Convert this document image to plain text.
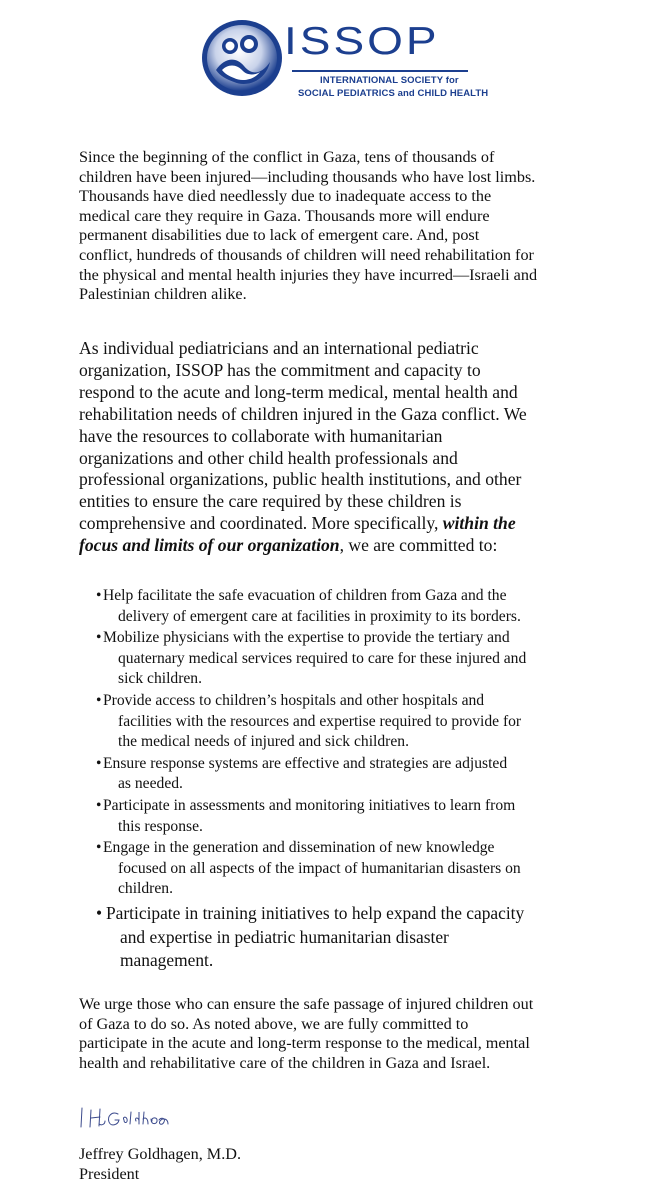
ISSOP
INTERNATIONAL SOCIETY for
SOCIAL PEDIATRICS and CHILD HEALTH

Since the beginning of the conflict in Gaza, tens of thousands of
children have been injured—including thousands who have lost limbs.
Thousands have died needlessly due to inadequate access to the
medical care they require in Gaza. Thousands more will endure
permanent disabilities due to lack of emergent care. And, post
conflict, hundreds of thousands of children will need rehabilitation for
the physical and mental health injuries they have incurred—Israeli and
Palestinian children alike.

As individual pediatricians and an international pediatric
organization, ISSOP has the commitment and capacity to
respond to the acute and long-term medical, mental health and
rehabilitation needs of children injured in the Gaza conflict. We
have the resources to collaborate with humanitarian
organizations and other child health professionals and
professional organizations, public health institutions, and other
entities to ensure the care required by these children is
comprehensive and coordinated. More specifically, within the
focus and limits of our organization, we are committed to:

•Help facilitate the safe evacuation of children from Gaza and the
delivery of emergent care at facilities in proximity to its borders.
•Mobilize physicians with the expertise to provide the tertiary and
quaternary medical services required to care for these injured and
sick children.
•Provide access to children’s hospitals and other hospitals and
facilities with the resources and expertise required to provide for
the medical needs of injured and sick children.
•Ensure response systems are effective and strategies are adjusted
as needed.
•Participate in assessments and monitoring initiatives to learn from
this response.
•Engage in the generation and dissemination of new knowledge
focused on all aspects of the impact of humanitarian disasters on
children.
• Participate in training initiatives to help expand the capacity
and expertise in pediatric humanitarian disaster
management.

We urge those who can ensure the safe passage of injured children out
of Gaza to do so. As noted above, we are fully committed to
participate in the acute and long-term response to the medical, mental
health and rehabilitative care of the children in Gaza and Israel.

Jeffrey Goldhagen, M.D.
President
